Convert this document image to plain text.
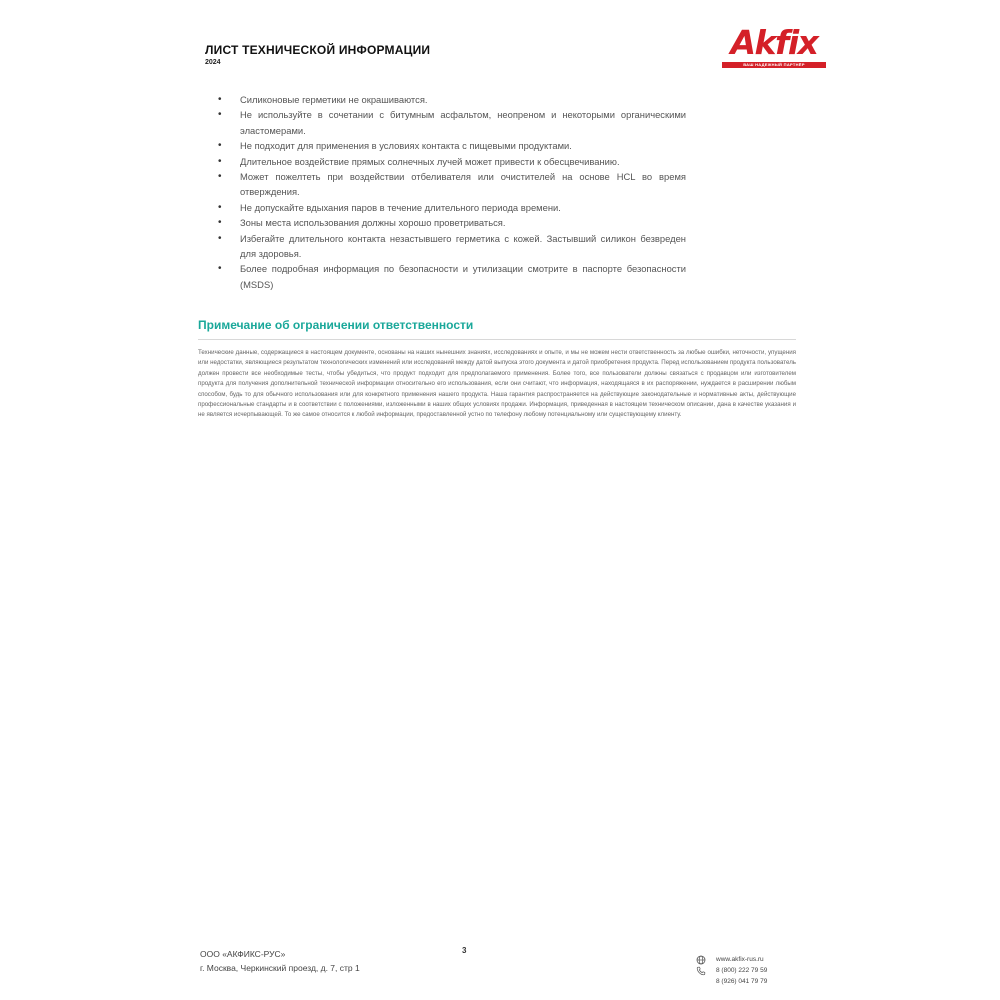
ЛИСТ ТЕХНИЧЕСКОЙ ИНФОРМАЦИИ
2024
Akfix
ВАШ НАДЕЖНЫЙ ПАРТНЁР
• Силиконовые герметики не окрашиваются.
• Не используйте в сочетании с битумным асфальтом, неопреном и некоторыми органическими эластомерами.
• Не подходит для применения в условиях контакта с пищевыми продуктами.
• Длительное воздействие прямых солнечных лучей может привести к обесцвечиванию.
• Может пожелтеть при воздействии отбеливателя или очистителей на основе HCL во время отверждения.
• Не допускайте вдыхания паров в течение длительного периода времени.
• Зоны места использования должны хорошо проветриваться.
• Избегайте длительного контакта незастывшего герметика с кожей. Застывший силикон безвреден для здоровья.
• Более подробная информация по безопасности и утилизации смотрите в паспорте безопасности (MSDS)
Примечание об ограничении ответственности

Технические данные, содержащиеся в настоящем документе, основаны на наших нынешних знаниях, исследованиях и опыте, и мы не можем нести ответственность за любые ошибки, неточности, упущения или недостатки, являющиеся результатом технологических изменений или исследований между датой выпуска этого документа и датой приобретения продукта. Перед использованием продукта пользователь должен провести все необходимые тесты, чтобы убедиться, что продукт подходит для предполагаемого применения. Более того, все пользователи должны связаться с продавцом или изготовителем продукта для получения дополнительной технической информации относительно его использования, если они считают, что информация, находящаяся в их распоряжении, нуждается в расширении любым способом, будь то для обычного использования или для конкретного применения нашего продукта. Наша гарантия распространяется на действующие законодательные и нормативные акты, действующие профессиональные стандарты и в соответствии с положениями, изложенными в наших общих условиях продажи. Информация, приведенная в настоящем техническом описании, дана в качестве указания и не является исчерпывающей. То же самое относится к любой информации, предоставленной устно по телефону любому потенциальному или существующему клиенту.

ООО «АКФИКС-РУС»
г. Москва, Черкинский проезд, д. 7, стр 1
3
www.akfix-rus.ru
8 (800) 222 79 59
8 (926) 041 79 79
